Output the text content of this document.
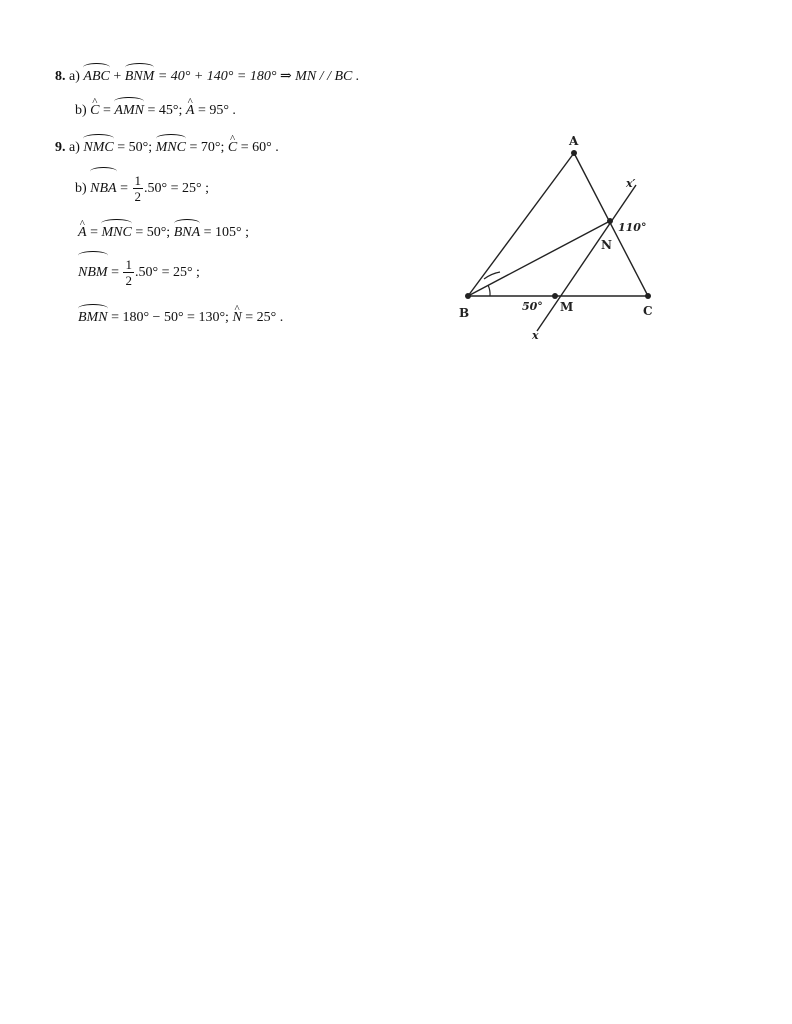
8. a) ABC + BNM = 40° + 140° = 180° ⇒ MN / / BC .
b) ^ C = AMN = 45°; ^ A = 95° .
9. a) NMC = 50°; MNC = 70°; ^ C = 60° .
b) NBA = $\frac{1}{2} .50^\circ = 25^\circ$ ;
^ A = MNC = 50°; BNA = 105° ;
NBM = $\frac{1}{2} .50^\circ = 25^\circ$ ;
BMN = 180° − 50° = 130°; ^ N = 25° .
A
B	C
M
N
x
x′
50°
110°
